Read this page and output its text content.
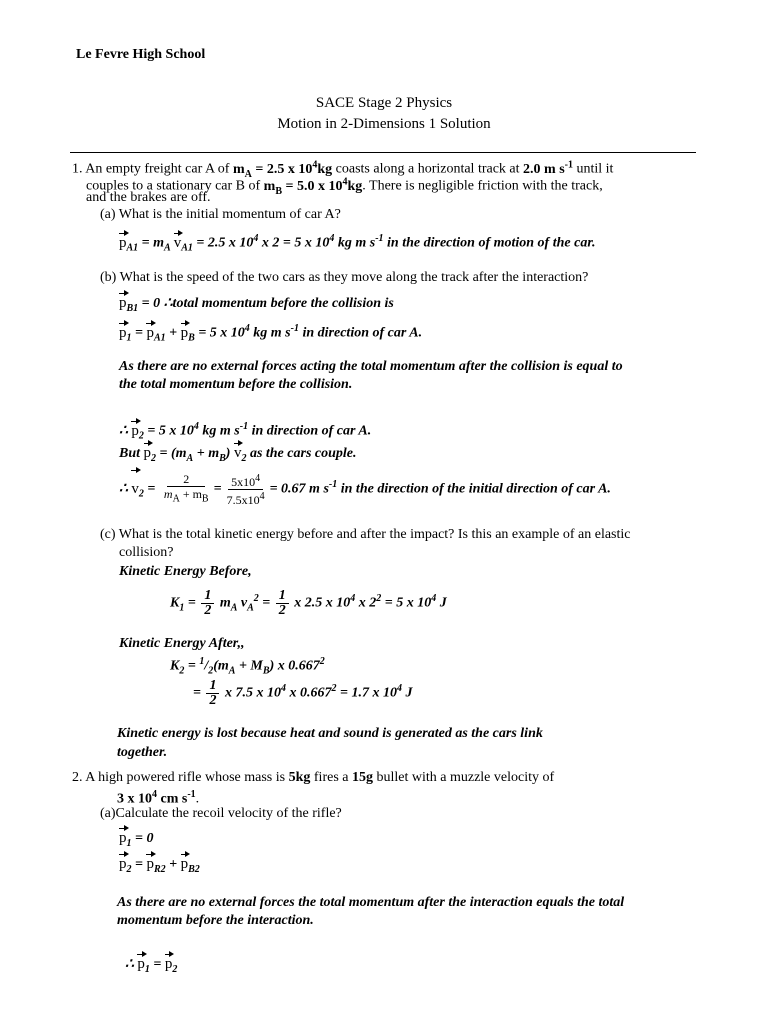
Le Fevre High School
SACE Stage 2 Physics
Motion in 2-Dimensions 1 Solution
1. An empty freight car A of $m_A = 2.5$ x $10^4kg$ coasts along a horizontal track at 2.0 m $s^{-1}$ until it
couples to a stationary car B of $m_B = 5.0$ x $10^4kg$. There is negligible friction with the track,
and the brakes are off.
(a) What is the initial momentum of car A?
$p_{A1} = m_A$ $v_{A1} = 2.5$ x $10^4$ x 2 = 5 x $10^4$ kg m $s^{-1}$ in the direction of motion of the car.
(b) What is the speed of the two cars as they move along the track after the interaction?
$p_{B1} = 0$ ∴total momentum before the collision is
$p_1 = p_{A1} + p_B = 5$ x $10^4$ kg m $s^{-1}$ in direction of car A.
As there are no external forces acting the total momentum after the collision is equal to
the total momentum before the collision.
∴ $p_2 = 5$ x $10^4$ kg m $s^{-1}$ in direction of car A.
But $p_2 = (m_A + m_B)$ $v_2$ as the cars couple.
∴ $v_2 = \frac{2}{m_A + m_B} = \frac{5x10^4}{7.5x10^4} = 0.67$ m $s^{-1}$ in the direction of the initial direction of car A.
(c) What is the total kinetic energy before and after the impact? Is this an example of an elastic
collision?
Kinetic Energy Before,
$K_1 = \frac{1}{2} m_A$ $v_A^2 = \frac{1}{2}$ x 2.5 x $10^4$ x $2^2 = 5$ x $10^4$ J
Kinetic Energy After,,
$K_2 = ^1/_2(m_A + M_B)$ x $0.667^2$
= $\frac{1}{2}$ x 7.5 x $10^4$ x $0.667^2 = 1.7$ x $10^4$ J
Kinetic energy is lost because heat and sound is generated as the cars link
together.
2. A high powered rifle whose mass is 5kg fires a 15g bullet with a muzzle velocity of
3 x $10^4$ cm $s^{-1}$.
(a)Calculate the recoil velocity of the rifle?
$p_1 = 0$
$p_2 = p_{R2} + p_{B2}$
As there are no external forces the total momentum after the interaction equals the total
momentum before the interaction.
∴ $p_1 = p_2$
